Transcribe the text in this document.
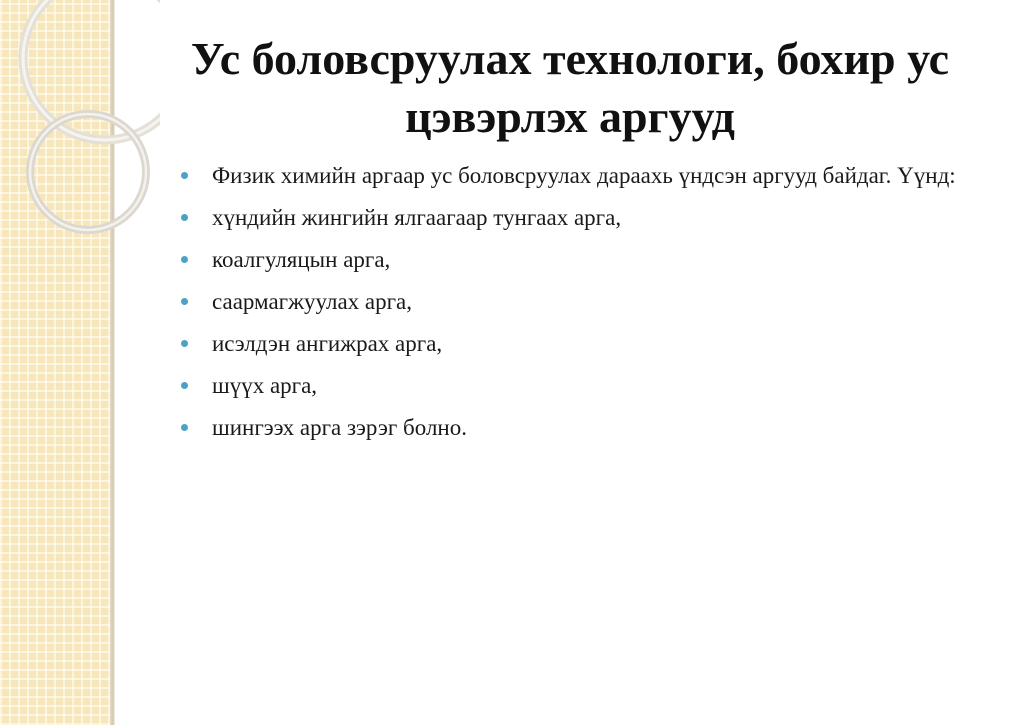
Ус боловсруулах технологи, бохир ус цэвэрлэх аргууд
Физик химийн аргаар ус боловсруулах дараахь үндсэн аргууд байдаг. Үүнд:
хүндийн жингийн ялгаагаар тунгаах арга,
коалгуляцын арга,
саармагжуулах арга,
исэлдэн ангижрах арга,
шүүх арга,
шингээх арга зэрэг болно.
